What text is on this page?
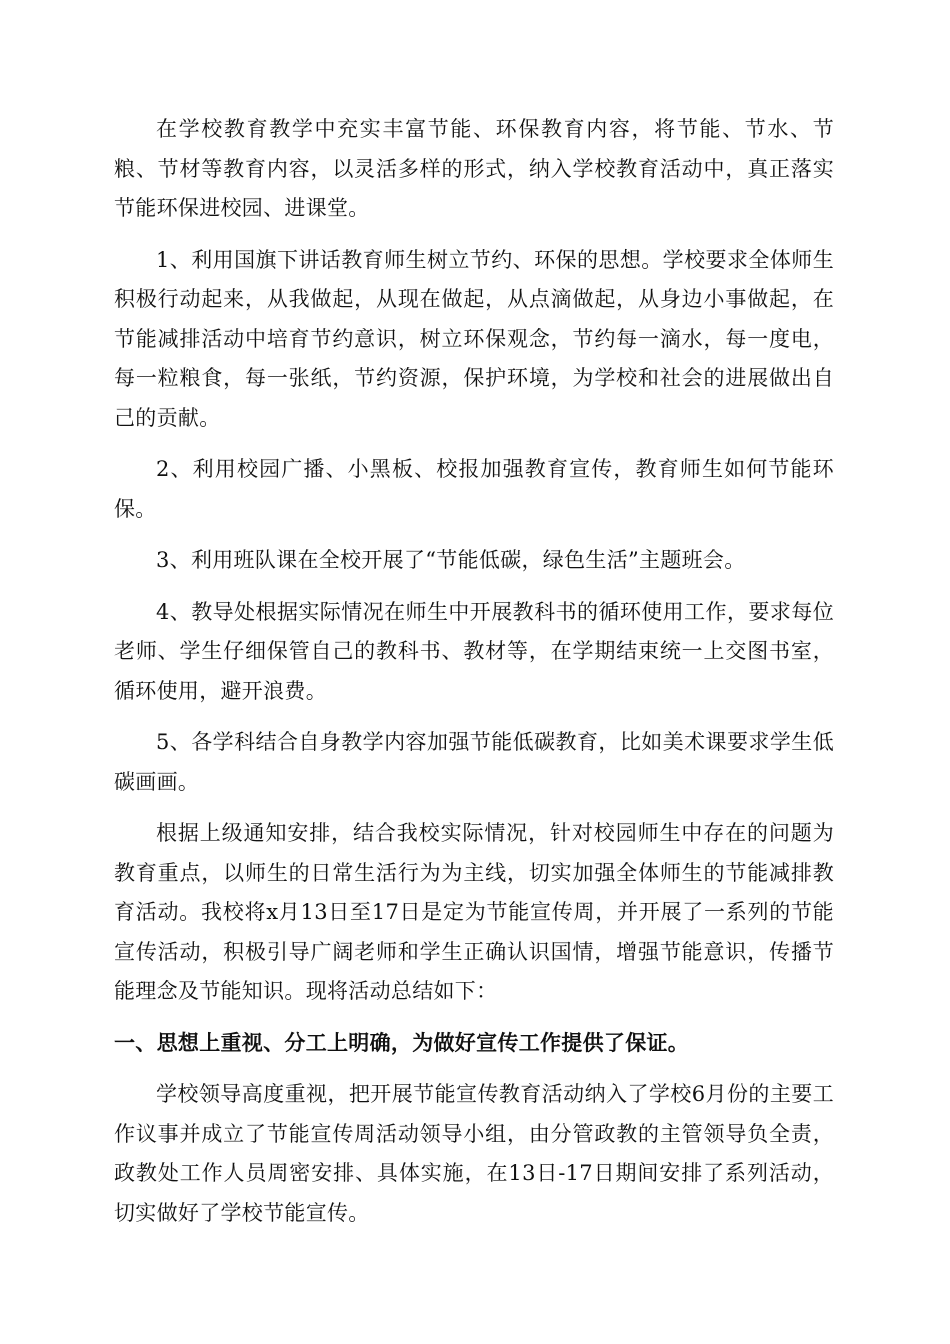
在学校教育教学中充实丰富节能、环保教育内容，将节能、节水、节粮、节材等教育内容，以灵活多样的形式，纳入学校教育活动中，真正落实节能环保进校园、进课堂。

1、利用国旗下讲话教育师生树立节约、环保的思想。学校要求全体师生积极行动起来，从我做起，从现在做起，从点滴做起，从身边小事做起，在节能减排活动中培育节约意识，树立环保观念，节约每一滴水，每一度电，每一粒粮食，每一张纸，节约资源，保护环境，为学校和社会的进展做出自己的贡献。

2、利用校园广播、小黑板、校报加强教育宣传，教育师生如何节能环保。

3、利用班队课在全校开展了“节能低碳，绿色生活”主题班会。

4、教导处根据实际情况在师生中开展教科书的循环使用工作，要求每位老师、学生仔细保管自己的教科书、教材等，在学期结束统一上交图书室，循环使用，避开浪费。

5、各学科结合自身教学内容加强节能低碳教育，比如美术课要求学生低碳画画。

根据上级通知安排，结合我校实际情况，针对校园师生中存在的问题为教育重点，以师生的日常生活行为为主线，切实加强全体师生的节能减排教育活动。我校将x月13日至17日是定为节能宣传周，并开展了一系列的节能宣传活动，积极引导广阔老师和学生正确认识国情，增强节能意识，传播节能理念及节能知识。现将活动总结如下：

一、思想上重视、分工上明确，为做好宣传工作提供了保证。

学校领导高度重视，把开展节能宣传教育活动纳入了学校6月份的主要工作议事并成立了节能宣传周活动领导小组，由分管政教的主管领导负全责，政教处工作人员周密安排、具体实施，在13日-17日期间安排了系列活动，切实做好了学校节能宣传。
